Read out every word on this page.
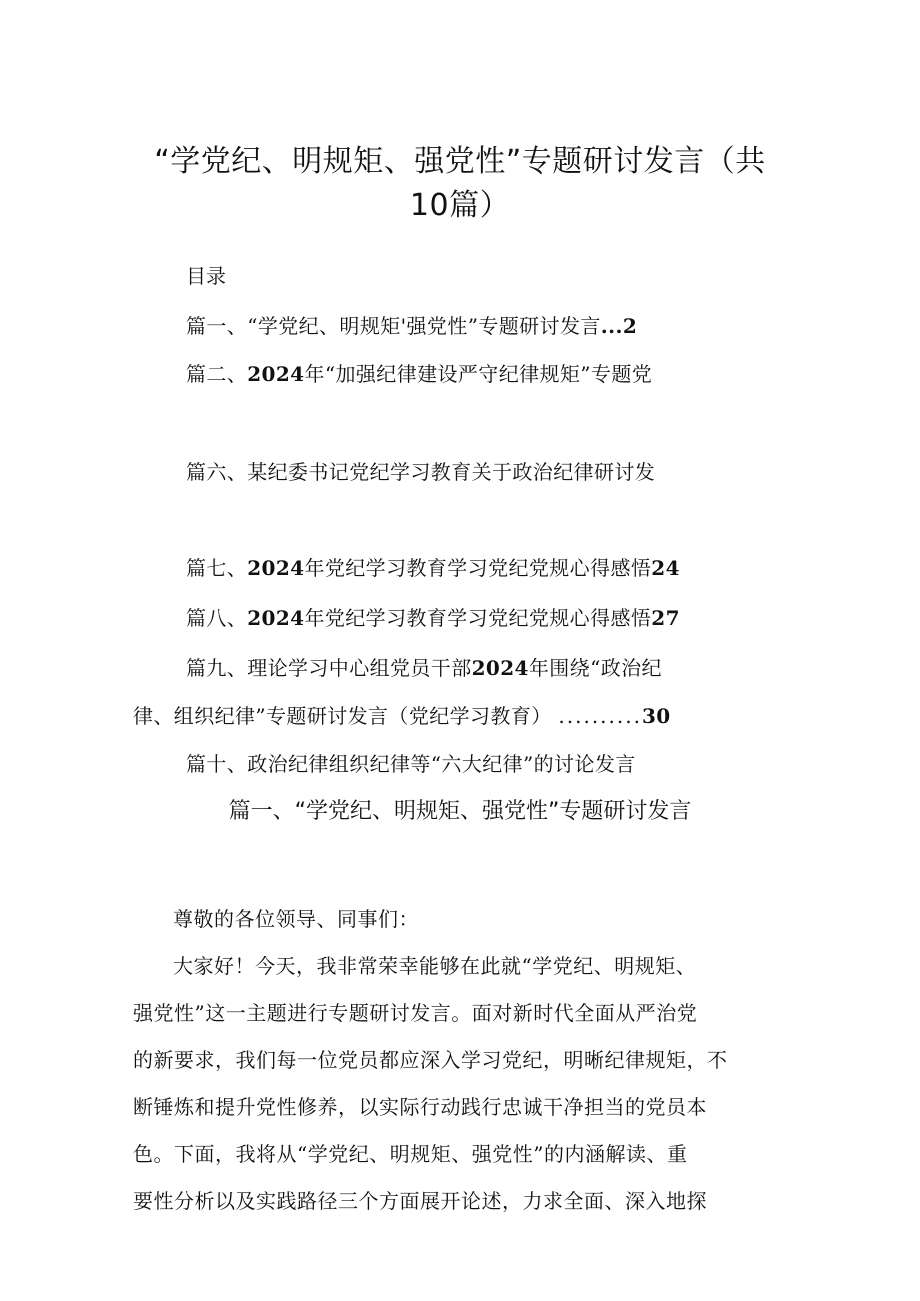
“学党纪、明规矩、强党性”专题研讨发言（共
10篇）
目录
篇一、“学党纪、明规矩'强党性”专题研讨发言...2
篇二、2024年“加强纪律建设严守纪律规矩”专题党
篇六、某纪委书记党纪学习教育关于政治纪律研讨发
篇七、2024年党纪学习教育学习党纪党规心得感悟24
篇八、2024年党纪学习教育学习党纪党规心得感悟27
篇九、理论学习中心组党员干部2024年围绕“政治纪
律、组织纪律”专题研讨发言（党纪学习教育） ..........30
篇十、政治纪律组织纪律等“六大纪律”的讨论发言
篇一、“学党纪、明规矩、强党性”专题研讨发言
尊敬的各位领导、同事们：
大家好！今天，我非常荣幸能够在此就“学党纪、明规矩、
强党性”这一主题进行专题研讨发言。面对新时代全面从严治党
的新要求，我们每一位党员都应深入学习党纪，明晰纪律规矩，不
断锤炼和提升党性修养，以实际行动践行忠诚干净担当的党员本
色。下面，我将从“学党纪、明规矩、强党性”的内涵解读、重
要性分析以及实践路径三个方面展开论述，力求全面、深入地探
